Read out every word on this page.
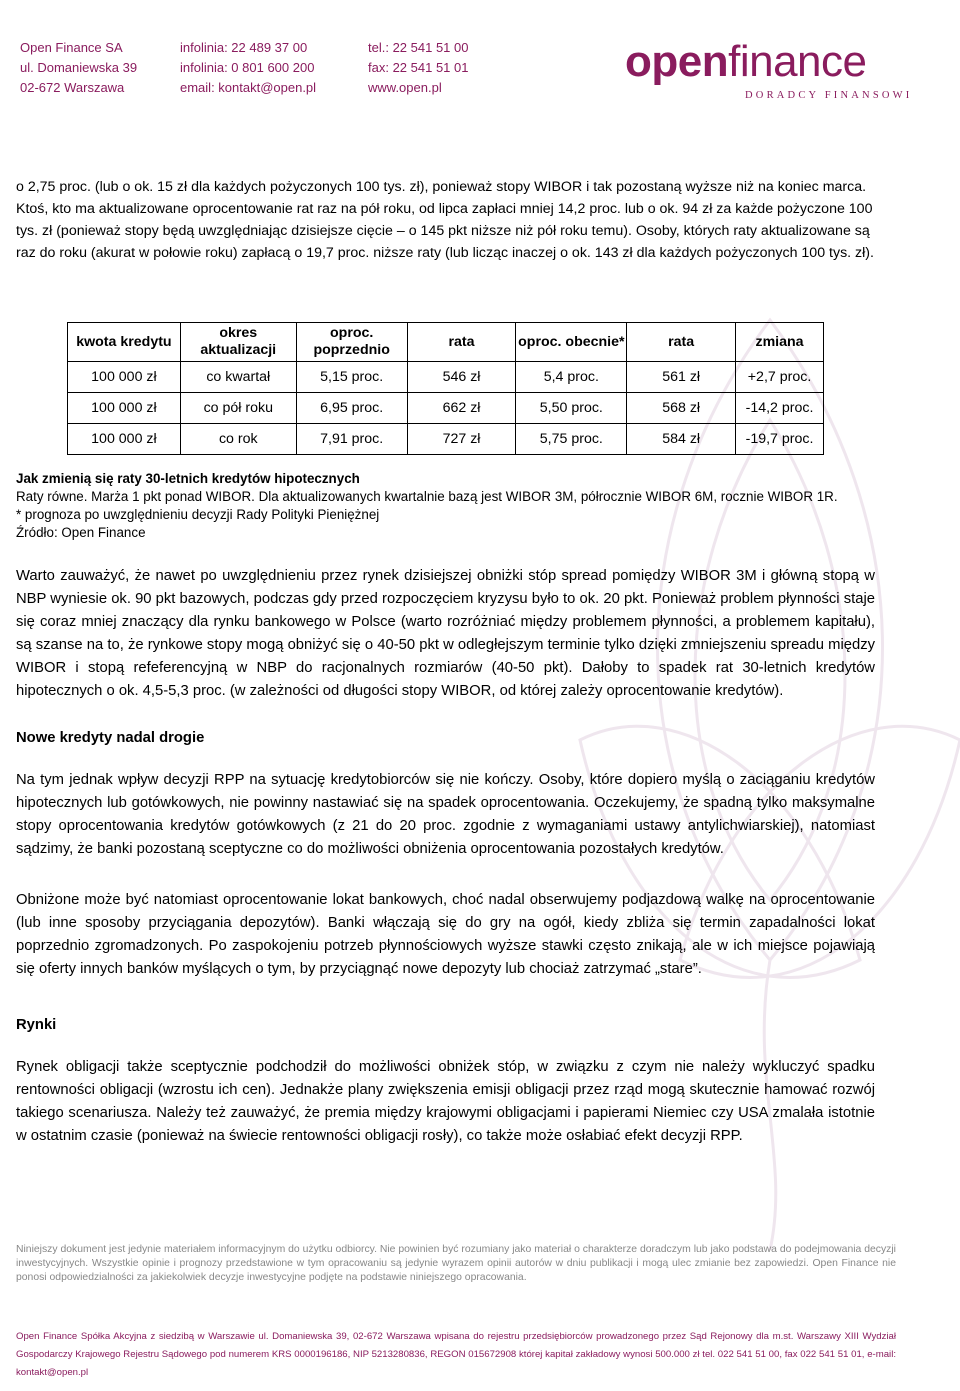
Open Finance SA
ul. Domaniewska 39
02-672 Warszawa
infolinia: 22 489 37 00
infolinia: 0 801 600 200
email: kontakt@open.pl
tel.: 22 541 51 00
fax: 22 541 51 01
www.open.pl
openfinance
DORADCY FINANSOWI
o 2,75 proc. (lub o ok. 15 zł dla każdych pożyczonych 100 tys. zł), ponieważ stopy WIBOR i tak pozostaną wyższe niż na koniec marca. Ktoś, kto ma aktualizowane oprocentowanie rat raz na pół roku, od lipca zapłaci mniej 14,2 proc. lub o ok. 94 zł za każde pożyczone 100 tys. zł (ponieważ stopy będą uwzględniając dzisiejsze cięcie – o 145 pkt niższe niż pół roku temu). Osoby, których raty aktualizowane są raz do roku (akurat w połowie roku) zapłacą o 19,7 proc. niższe raty (lub licząc inaczej o ok. 143 zł dla każdych pożyczonych 100 tys. zł).
kwota kredytu	okres aktualizacji	oproc. poprzednio	rata	oproc. obecnie*	rata	zmiana
100 000 zł	co kwartał	5,15 proc.	546 zł	5,4 proc.	561 zł	+2,7 proc.
100 000 zł	co pół roku	6,95 proc.	662 zł	5,50 proc.	568 zł	-14,2 proc.
100 000 zł	co rok	7,91 proc.	727 zł	5,75 proc.	584 zł	-19,7 proc.
Jak zmienią się raty 30-letnich kredytów hipotecznych
Raty równe. Marża 1 pkt ponad WIBOR. Dla aktualizowanych kwartalnie bazą jest WIBOR 3M, półrocznie WIBOR 6M, rocznie WIBOR 1R.
* prognoza po uwzględnieniu decyzji Rady Polityki Pieniężnej
Źródło: Open Finance
Warto zauważyć, że nawet po uwzględnieniu przez rynek dzisiejszej obniżki stóp spread pomiędzy WIBOR 3M i główną stopą w NBP wyniesie ok. 90 pkt bazowych, podczas gdy przed rozpoczęciem kryzysu było to ok. 20 pkt. Ponieważ problem płynności staje się coraz mniej znaczący dla rynku bankowego w Polsce (warto rozróżniać między problemem płynności, a problemem kapitału), są szanse na to, że rynkowe stopy mogą obniżyć się o 40-50 pkt w odległejszym terminie tylko dzięki zmniejszeniu spreadu między WIBOR i stopą refeferencyjną w NBP do racjonalnych rozmiarów (40-50 pkt). Dałoby to spadek rat 30-letnich kredytów hipotecznych o ok. 4,5-5,3 proc. (w zależności od długości stopy WIBOR, od której zależy oprocentowanie kredytów).
Nowe kredyty nadal drogie
Na tym jednak wpływ decyzji RPP na sytuację kredytobiorców się nie kończy. Osoby, które dopiero myślą o zaciąganiu kredytów hipotecznych lub gotówkowych, nie powinny nastawiać się na spadek oprocentowania. Oczekujemy, że spadną tylko maksymalne stopy oprocentowania kredytów gotówkowych (z 21 do 20 proc. zgodnie z wymaganiami ustawy antylichwiarskiej), natomiast sądzimy, że banki pozostaną sceptyczne co do możliwości obniżenia oprocentowania pozostałych kredytów.
Obniżone może być natomiast oprocentowanie lokat bankowych, choć nadal obserwujemy podjazdową walkę na oprocentowanie (lub inne sposoby przyciągania depozytów). Banki włączają się do gry na ogół, kiedy zbliża się termin zapadalności lokat poprzednio zgromadzonych. Po zaspokojeniu potrzeb płynnościowych wyższe stawki często znikają, ale w ich miejsce pojawiają się oferty innych banków myślących o tym, by przyciągnąć nowe depozyty lub chociaż zatrzymać „stare”.
Rynki
Rynek obligacji także sceptycznie podchodził do możliwości obniżek stóp, w związku z czym nie należy wykluczyć spadku rentowności obligacji (wzrostu ich cen). Jednakże plany zwiększenia emisji obligacji przez rząd mogą skutecznie hamować rozwój takiego scenariusza. Należy też zauważyć, że premia między krajowymi obligacjami i papierami Niemiec czy USA zmalała istotnie w ostatnim czasie (ponieważ na świecie rentowności obligacji rosły), co także może osłabiać efekt decyzji RPP.
Niniejszy dokument jest jedynie materiałem informacyjnym do użytku odbiorcy. Nie powinien być rozumiany jako materiał o charakterze doradczym lub jako podstawa do podejmowania decyzji inwestycyjnych. Wszystkie opinie i prognozy przedstawione w tym opracowaniu są jedynie wyrazem opinii autorów w dniu publikacji i mogą ulec zmianie bez zapowiedzi. Open Finance nie ponosi odpowiedzialności za jakiekolwiek decyzje inwestycyjne podjęte na podstawie niniejszego opracowania.
Open Finance Spółka Akcyjna z siedzibą w Warszawie ul. Domaniewska 39, 02-672 Warszawa wpisana do rejestru przedsiębiorców prowadzonego przez Sąd Rejonowy dla m.st. Warszawy XIII Wydział Gospodarczy Krajowego Rejestru Sądowego pod numerem KRS 0000196186, NIP 5213280836, REGON 015672908 której kapitał zakładowy wynosi 500.000 zł tel. 022 541 51 00, fax 022 541 51 01, e-mail: kontakt@open.pl
